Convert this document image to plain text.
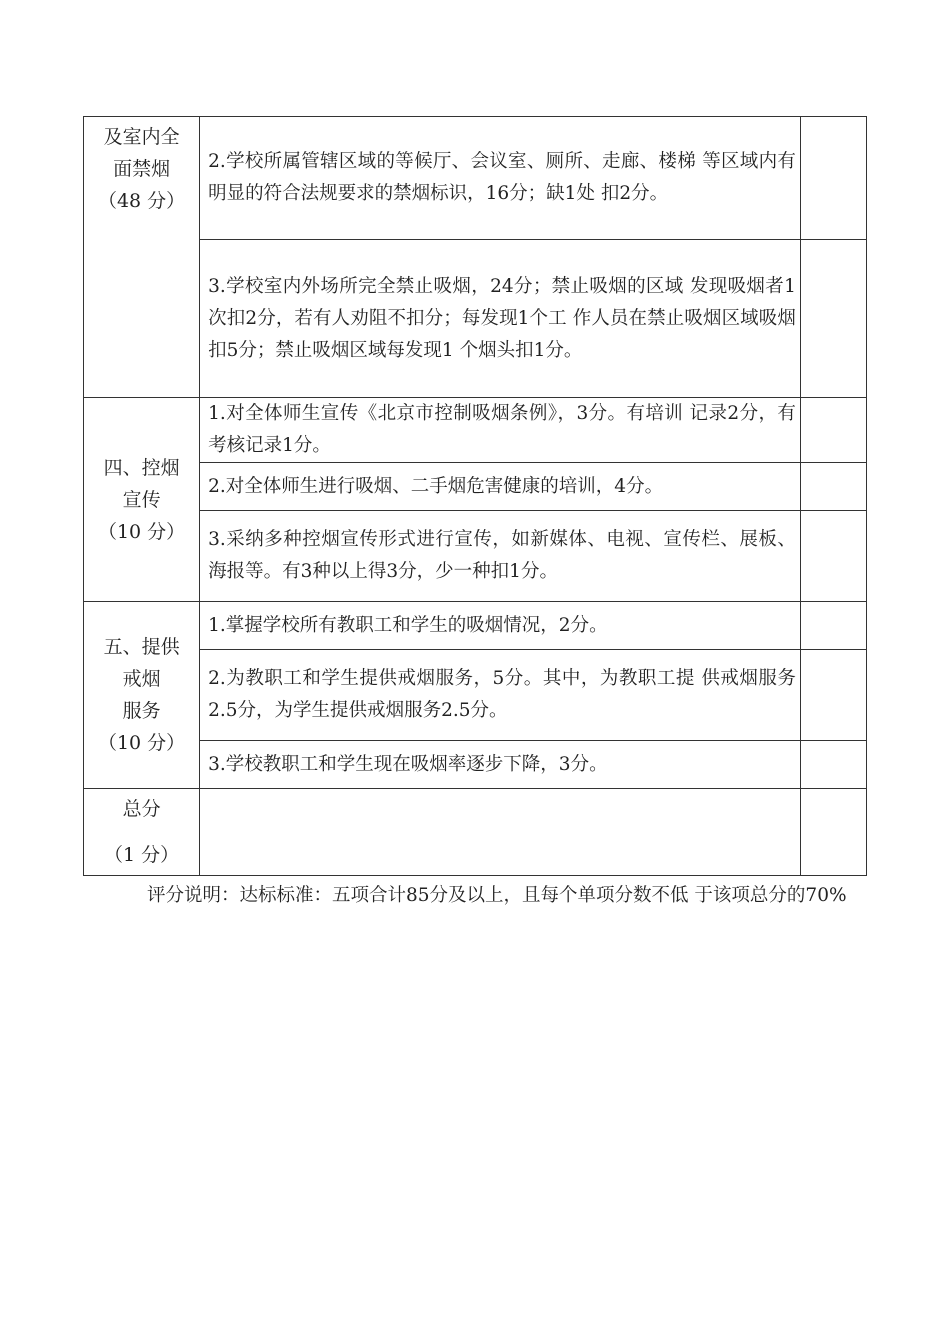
及室内全
面禁烟
（48 分）	2.学校所属管辖区域的等候厅、会议室、厕所、走廊、楼梯 等区域内有明显的符合法规要求的禁烟标识，16分；缺1处 扣2分。	
	3.学校室内外场所完全禁止吸烟，24分；禁止吸烟的区域 发现吸烟者1次扣2分，若有人劝阻不扣分；每发现1个工 作人员在禁止吸烟区域吸烟扣5分；禁止吸烟区域每发现1 个烟头扣1分。	

四、控烟
宣传
（10 分）	1.对全体师生宣传《北京市控制吸烟条例》，3分。有培训 记录2分，有考核记录1分。	
	2.对全体师生进行吸烟、二手烟危害健康的培训，4分。	
	3.采纳多种控烟宣传形式进行宣传，如新媒体、电视、宣传栏、展板、海报等。有3种以上得3分，少一种扣1分。	

五、提供
戒烟
服务
（10 分）	1.掌握学校所有教职工和学生的吸烟情况，2分。	
	2.为教职工和学生提供戒烟服务，5分。其中，为教职工提 供戒烟服务2.5分，为学生提供戒烟服务2.5分。	
	3.学校教职工和学生现在吸烟率逐步下降，3分。	

总分
（1 分）		

评分说明：达标标准：五项合计85分及以上，且每个单项分数不低 于该项总分的70%
